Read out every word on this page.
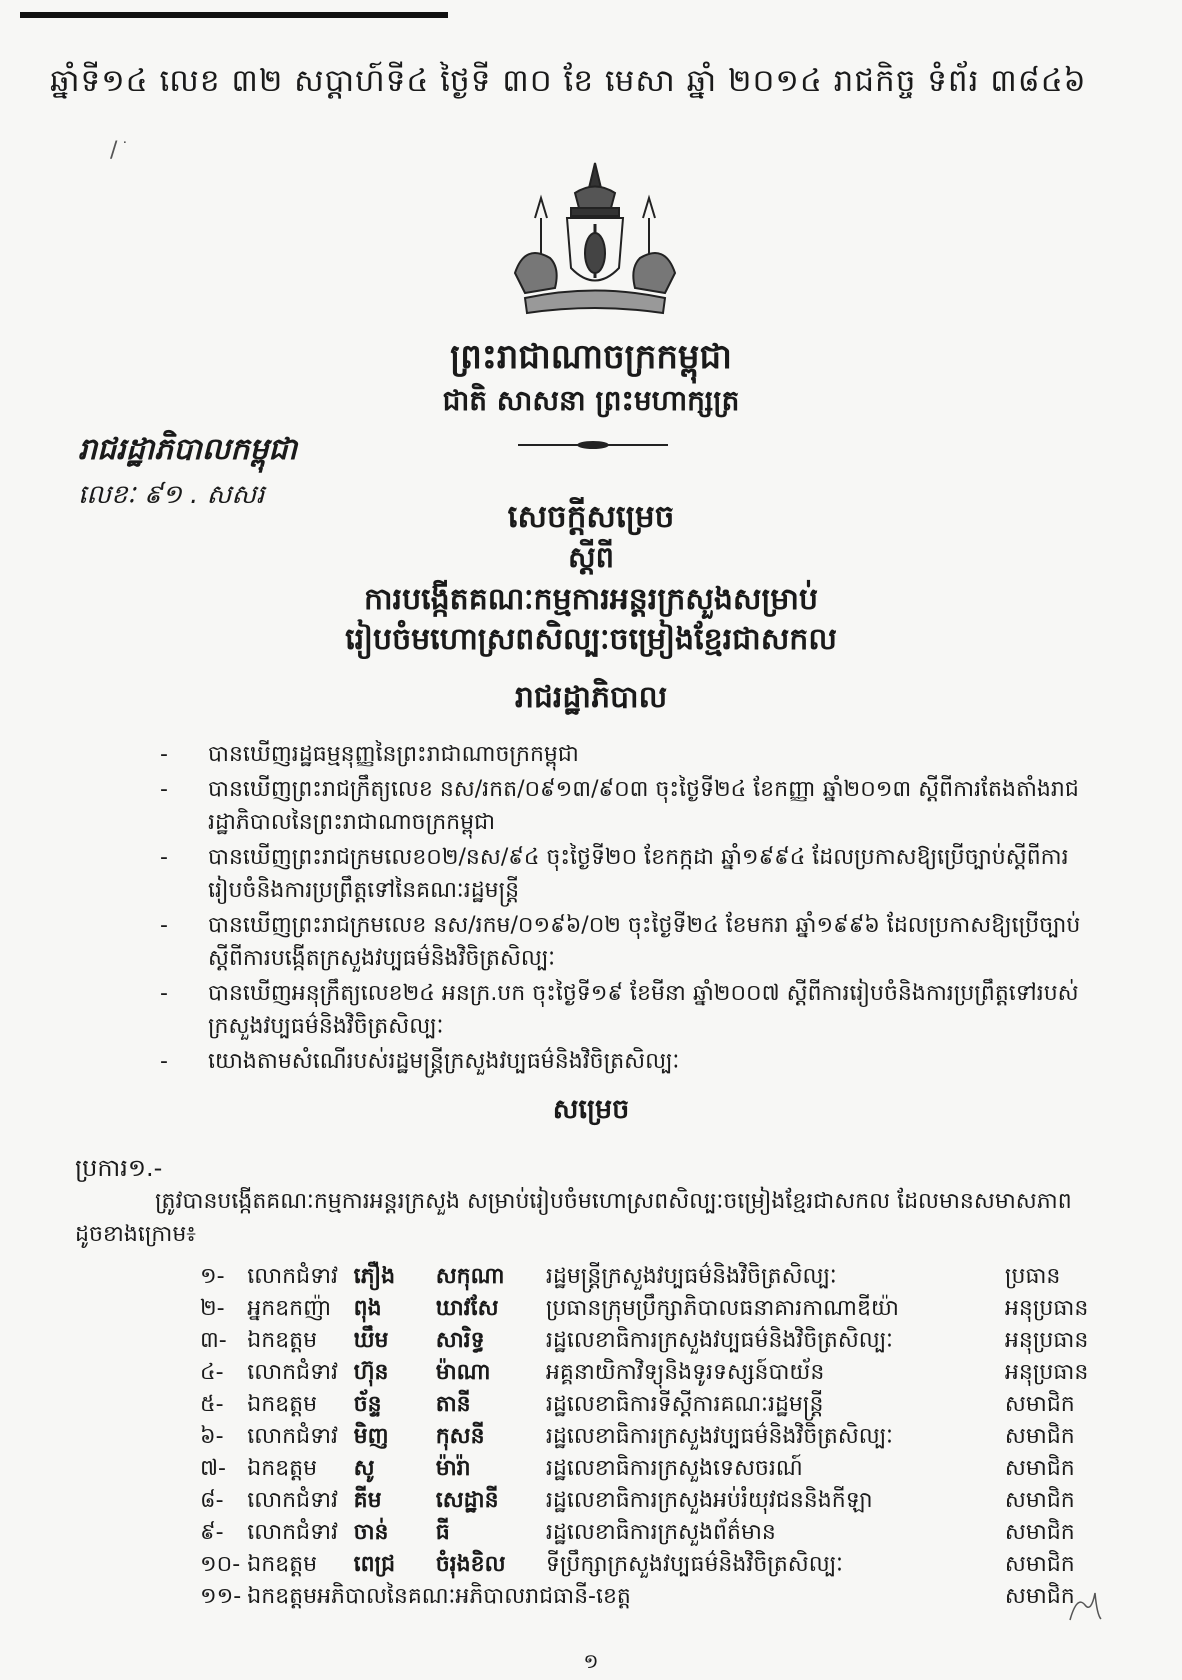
ឆ្នាំទី១៤ លេខ ៣២ សប្តាហ៍ទី៤ ថ្ងៃទី ៣០ ខែ មេសា ឆ្នាំ ២០១៤ រាជកិច្ច ទំព័រ ៣៨៤៦
ׁ/
ព្រះរាជាណាចក្រកម្ពុជា
ជាតិ សាសនា ព្រះមហាក្សត្រ
រាជរដ្ឋាភិបាលកម្ពុជា
លេខៈ ៩១ . សសរ
សេចក្ដីសម្រេច
ស្ដីពី
ការបង្កើតគណៈកម្មការអន្តរក្រសួងសម្រាប់
រៀបចំមហោស្រពសិល្បៈចម្រៀងខ្មែរជាសកល
រាជរដ្ឋាភិបាល
- បានឃើញរដ្ឋធម្មនុញ្ញនៃព្រះរាជាណាចក្រកម្ពុជា
- បានឃើញព្រះរាជក្រឹត្យលេខ នស/រកត/០៩១៣/៩០៣ ចុះថ្ងៃទី២៤ ខែកញ្ញា ឆ្នាំ២០១៣ ស្ដីពីការតែងតាំងរាជរដ្ឋាភិបាលនៃព្រះរាជាណាចក្រកម្ពុជា
- បានឃើញព្រះរាជក្រមលេខ០២/នស/៩៤ ចុះថ្ងៃទី២០ ខែកក្កដា ឆ្នាំ១៩៩៤ ដែលប្រកាសឱ្យប្រើច្បាប់ស្ដីពីការរៀបចំនិងការប្រព្រឹត្តទៅនៃគណៈរដ្ឋមន្ត្រី
- បានឃើញព្រះរាជក្រមលេខ នស/រកម/០១៩៦/០២ ចុះថ្ងៃទី២៤ ខែមករា ឆ្នាំ១៩៩៦ ដែលប្រកាសឱ្យប្រើច្បាប់ស្ដីពីការបង្កើតក្រសួងវប្បធម៌និងវិចិត្រសិល្បៈ
- បានឃើញអនុក្រឹត្យលេខ២៤ អនក្រ.បក ចុះថ្ងៃទី១៩ ខែមីនា ឆ្នាំ២០០៧ ស្ដីពីការរៀបចំនិងការប្រព្រឹត្តទៅរបស់ក្រសួងវប្បធម៌និងវិចិត្រសិល្បៈ
- យោងតាមសំណើរបស់រដ្ឋមន្ត្រីក្រសួងវប្បធម៌និងវិចិត្រសិល្បៈ
សម្រេច
ប្រការ១.-
ត្រូវបានបង្កើតគណៈកម្មការអន្តរក្រសួង សម្រាប់រៀបចំមហោស្រពសិល្បៈចម្រៀងខ្មែរជាសកល ដែលមានសមាសភាពដូចខាងក្រោម៖
១-	លោកជំទាវ	ភឿង	សកុណា	រដ្ឋមន្ត្រីក្រសួងវប្បធម៌និងវិចិត្រសិល្បៈ	ប្រធាន
២-	អ្នកឧកញ៉ា	ពុង	ឃាវសែ	ប្រធានក្រុមប្រឹក្សាភិបាលធនាគារកាណាឌីយ៉ា	អនុប្រធាន
៣-	ឯកឧត្តម	ឃឹម	សារិទ្ធ	រដ្ឋលេខាធិការក្រសួងវប្បធម៌និងវិចិត្រសិល្បៈ	អនុប្រធាន
៤-	លោកជំទាវ	ហ៊ុន	ម៉ាណា	អគ្គនាយិកាវិទ្យុនិងទូរទស្សន៍បាយ័ន	អនុប្រធាន
៥-	ឯកឧត្តម	ច័ន្ទ	តានី	រដ្ឋលេខាធិការទីស្ដីការគណៈរដ្ឋមន្ត្រី	សមាជិក
៦-	លោកជំទាវ	មិញ	កុសនី	រដ្ឋលេខាធិការក្រសួងវប្បធម៌និងវិចិត្រសិល្បៈ	សមាជិក
៧-	ឯកឧត្តម	សូ	ម៉ារ៉ា	រដ្ឋលេខាធិការក្រសួងទេសចរណ៍	សមាជិក
៨-	លោកជំទាវ	គីម	សេដ្ឋានី	រដ្ឋលេខាធិការក្រសួងអប់រំយុវជននិងកីឡា	សមាជិក
៩-	លោកជំទាវ	ចាន់	ធី	រដ្ឋលេខាធិការក្រសួងព័ត៌មាន	សមាជិក
១០-	ឯកឧត្តម	ពេជ្រ	ចំរុងខិល	ទីប្រឹក្សាក្រសួងវប្បធម៌និងវិចិត្រសិល្បៈ	សមាជិក
១១-	ឯកឧត្តមអភិបាលនៃគណៈអភិបាលរាជធានី-ខេត្ត				សមាជិក
១
